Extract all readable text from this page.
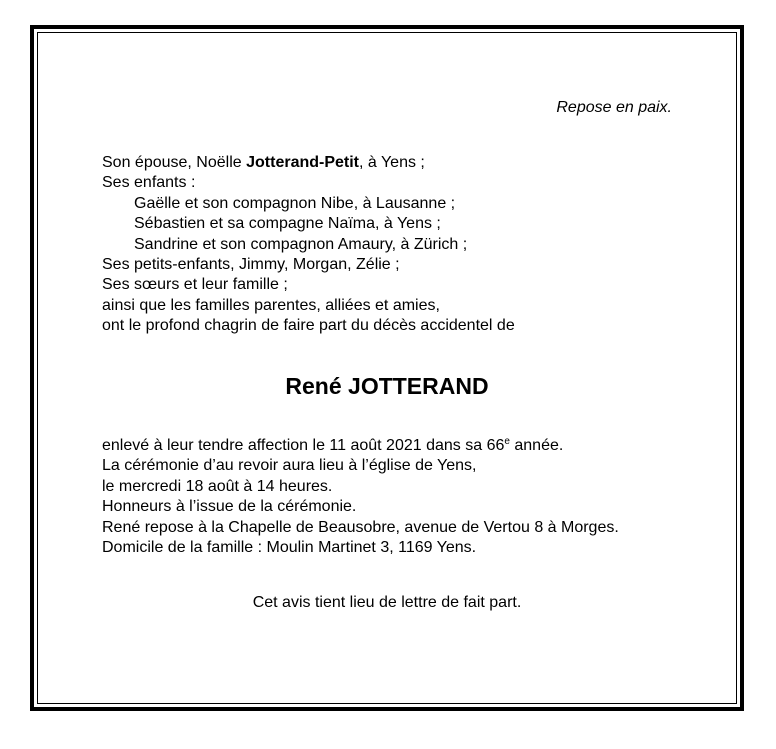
Repose en paix.
Son épouse, Noëlle Jotterand-Petit, à Yens ;
Ses enfants :
Gaëlle et son compagnon Nibe, à Lausanne ;
Sébastien et sa compagne Naïma, à Yens ;
Sandrine et son compagnon Amaury, à Zürich ;
Ses petits-enfants, Jimmy, Morgan, Zélie ;
Ses sœurs et leur famille ;
ainsi que les familles parentes, alliées et amies,
ont le profond chagrin de faire part du décès accidentel de
René JOTTERAND
enlevé à leur tendre affection le 11 août 2021 dans sa 66e année.
La cérémonie d’au revoir aura lieu à l’église de Yens,
le mercredi 18 août à 14 heures.
Honneurs à l’issue de la cérémonie.
René repose à la Chapelle de Beausobre, avenue de Vertou 8 à Morges.
Domicile de la famille : Moulin Martinet 3, 1169 Yens.
Cet avis tient lieu de lettre de fait part.
